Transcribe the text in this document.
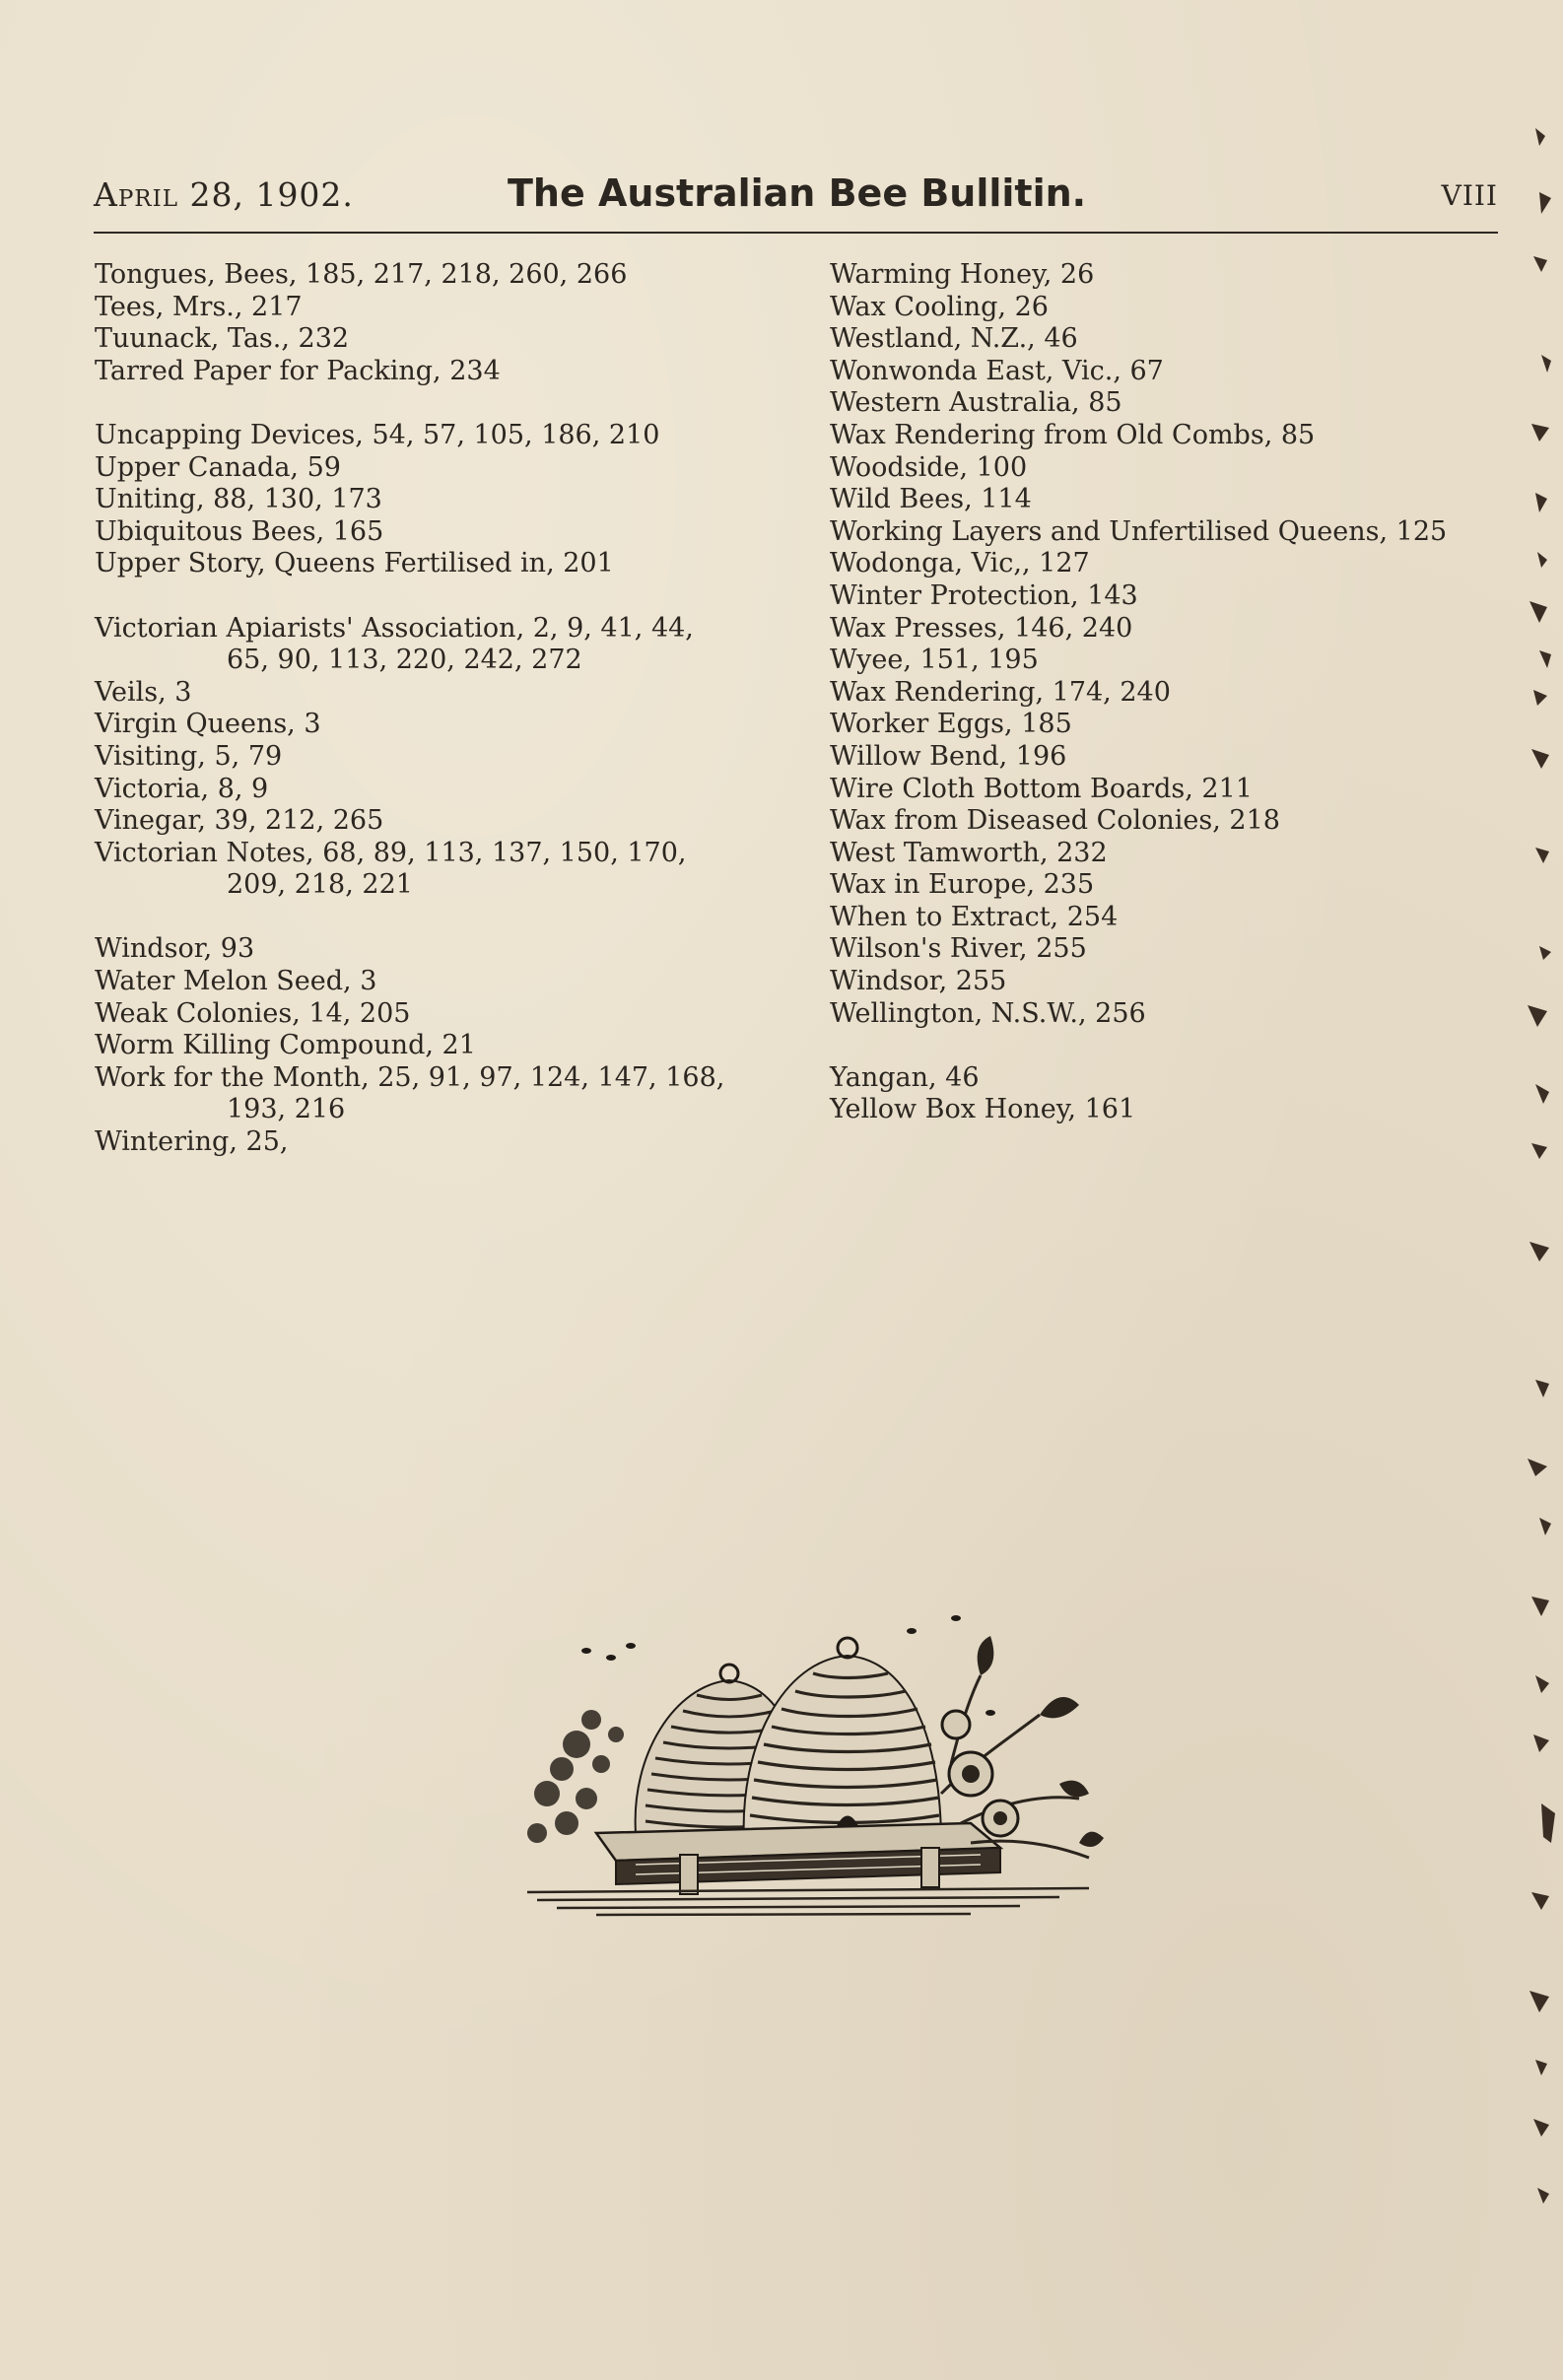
April 28, 1902.	The Australian Bee Bullitin.	VIII
Tongues, Bees, 185, 217, 218, 260, 266
Tees, Mrs., 217
Tuunack, Tas., 232
Tarred Paper for Packing, 234
Uncapping Devices, 54, 57, 105, 186, 210
Upper Canada, 59
Uniting, 88, 130, 173
Ubiquitous Bees, 165
Upper Story, Queens Fertilised in, 201
Victorian Apiarists' Association, 2, 9, 41, 44,
65, 90, 113, 220, 242, 272
Veils, 3
Virgin Queens, 3
Visiting, 5, 79
Victoria, 8, 9
Vinegar, 39, 212, 265
Victorian Notes, 68, 89, 113, 137, 150, 170,
209, 218, 221
Windsor, 93
Water Melon Seed, 3
Weak Colonies, 14, 205
Worm Killing Compound, 21
Work for the Month, 25, 91, 97, 124, 147, 168,
193, 216
Wintering, 25,
Warming Honey, 26
Wax Cooling, 26
Westland, N.Z., 46
Wonwonda East, Vic., 67
Western Australia, 85
Wax Rendering from Old Combs, 85
Woodside, 100
Wild Bees, 114
Working Layers and Unfertilised Queens, 125
Wodonga, Vic,, 127
Winter Protection, 143
Wax Presses, 146, 240
Wyee, 151, 195
Wax Rendering, 174, 240
Worker Eggs, 185
Willow Bend, 196
Wire Cloth Bottom Boards, 211
Wax from Diseased Colonies, 218
West Tamworth, 232
Wax in Europe, 235
When to Extract, 254
Wilson's River, 255
Windsor, 255
Wellington, N.S.W., 256
Yangan, 46
Yellow Box Honey, 161
